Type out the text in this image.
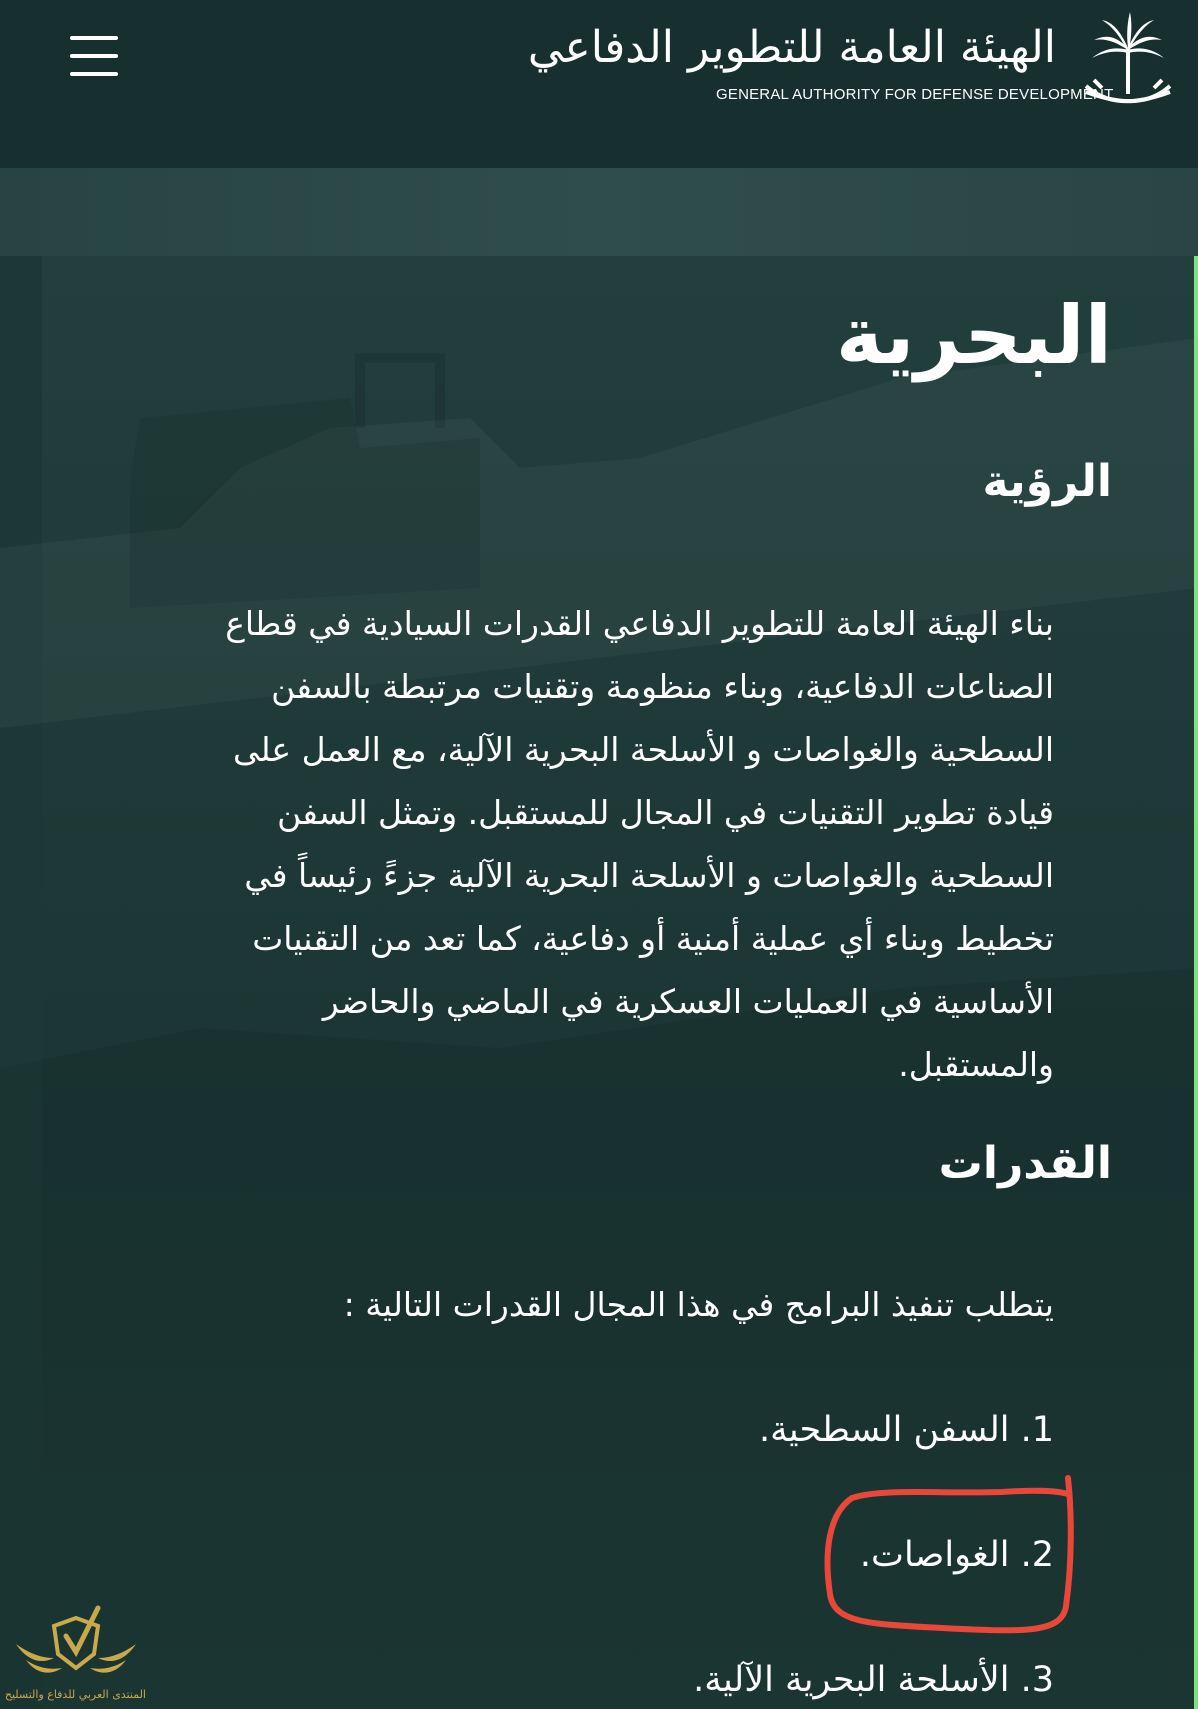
الهيئة العامة للتطوير الدفاعي
GENERAL AUTHORITY FOR DEFENSE DEVELOPMENT
البحرية
الرؤية

بناء الهيئة العامة للتطوير الدفاعي القدرات السيادية في قطاع الصناعات الدفاعية، وبناء منظومة وتقنيات مرتبطة بالسفن السطحية والغواصات و الأسلحة البحرية الآلية، مع العمل على قيادة تطوير التقنيات في المجال للمستقبل. وتمثل السفن السطحية والغواصات و الأسلحة البحرية الآلية جزءً رئيساً في تخطيط وبناء أي عملية أمنية أو دفاعية، كما تعد من التقنيات الأساسية في العمليات العسكرية في الماضي والحاضر والمستقبل.

القدرات

يتطلب تنفيذ البرامج في هذا المجال القدرات التالية :

1. السفن السطحية.
2. الغواصات.
3. الأسلحة البحرية الآلية.
المنتدى العربي للدفاع والتسليح
